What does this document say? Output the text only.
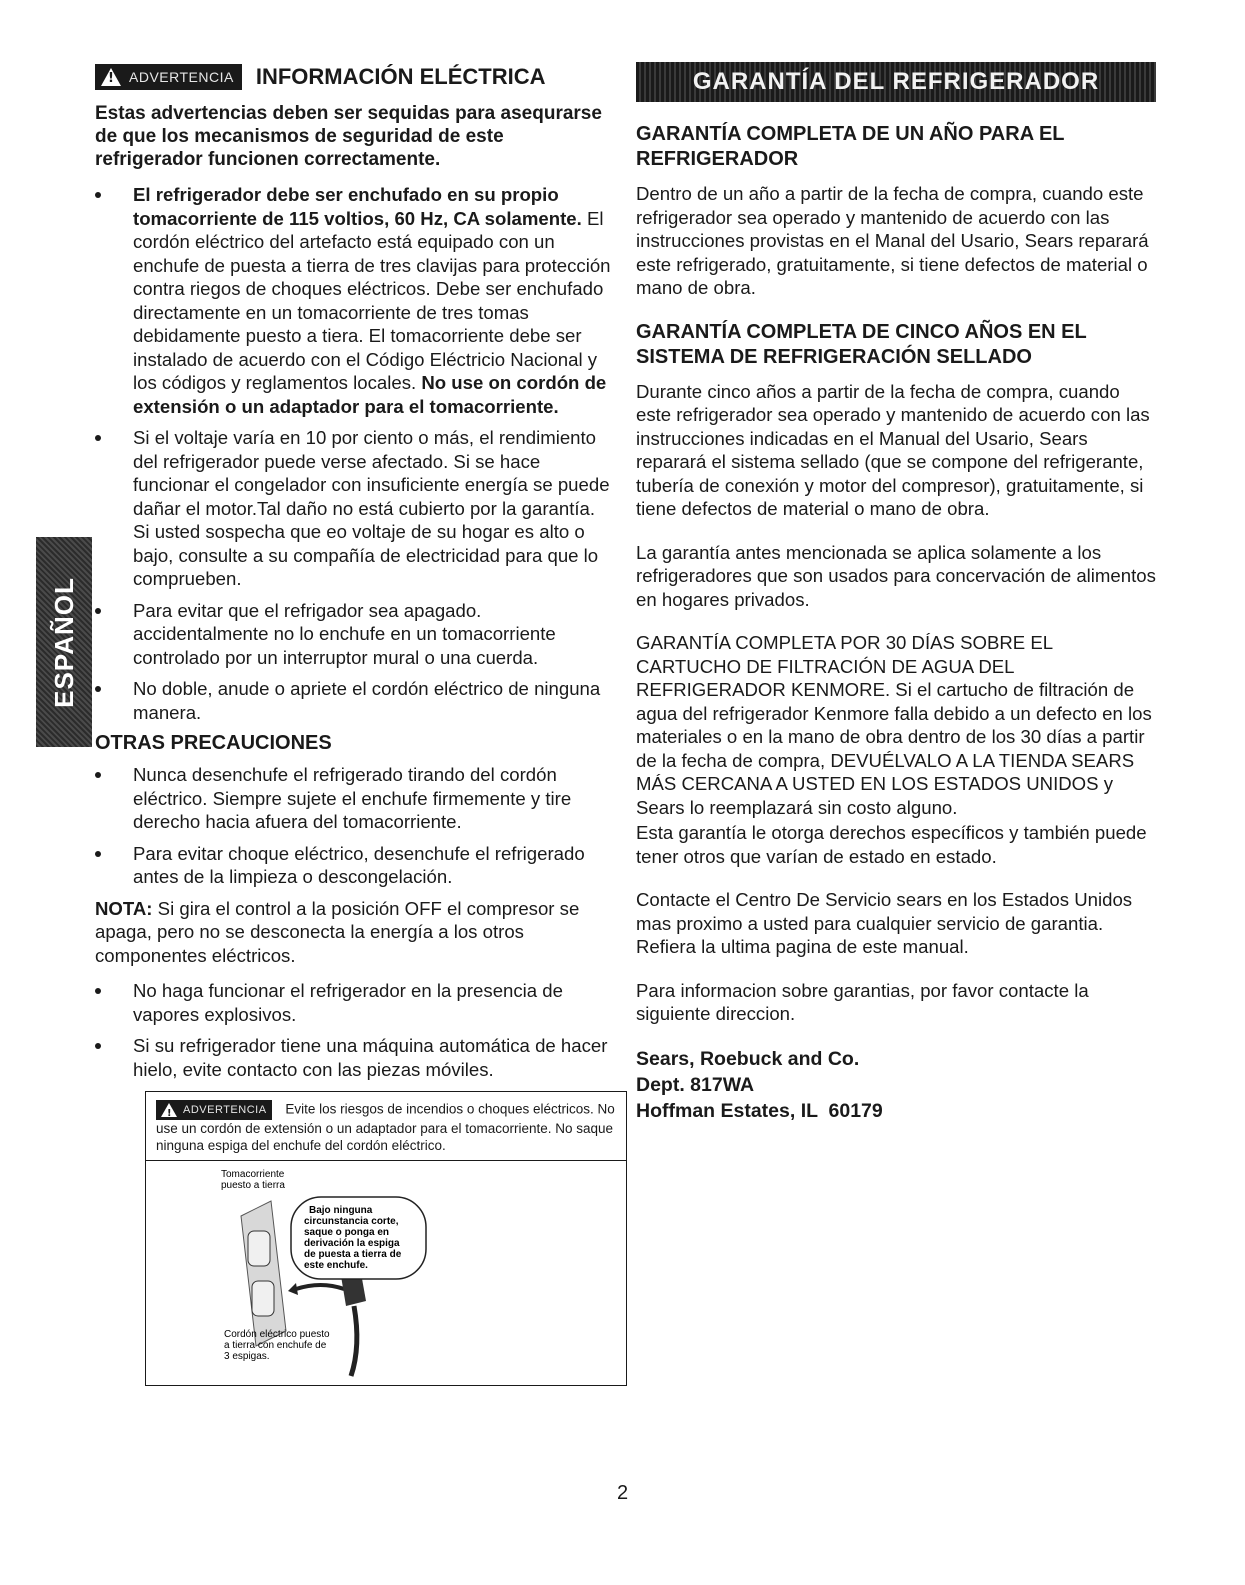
ESPAÑOL
!
ADVERTENCIA INFORMACIÓN ELÉCTRICA

Estas advertencias deben ser sequidas para asequrarse de que los mecanismos de seguridad de este refrigerador funcionen correctamente.

El refrigerador debe ser enchufado en su propio tomacorriente de 115 voltios, 60 Hz, CA solamente. El cordón eléctrico del artefacto está equipado con un enchufe de puesta a tierra de tres clavijas para protección contra riegos de choques eléctricos. Debe ser enchufado directamente en un tomacorriente de tres tomas debidamente puesto a tiera. El tomacorriente debe ser instalado de acuerdo con el Código Eléctricio Nacional y los códigos y reglamentos locales. No use on cordón de extensión o un adaptador para el tomacorriente.
Si el voltaje varía en 10 por ciento o más, el rendimiento del refrigerador puede verse afectado. Si se hace funcionar el congelador con insuficiente energía se puede dañar el motor.Tal daño no está cubierto por la garantía. Si usted sospecha que eo voltaje de su hogar es alto o bajo, consulte a su compañía de electricidad para que lo comprueben.
Para evitar que el refrigador sea apagado. accidentalmente no lo enchufe en un tomacorriente controlado por un interruptor mural o una cuerda.
No doble, anude o apriete el cordón eléctrico de ninguna manera.
OTRAS PRECAUCIONES
Nunca desenchufe el refrigerado tirando del cordón eléctrico. Siempre sujete el enchufe firmemente y tire derecho hacia afuera del tomacorriente.
Para evitar choque eléctrico, desenchufe el refrigerado antes de la limpieza o descongelación.

NOTA: Si gira el control a la posición OFF el compresor se apaga, pero no se desconecta la energía a los otros componentes eléctricos.

No haga funcionar el refrigerador en la presencia de vapores explosivos.
Si su refrigerador tiene una máquina automática de hacer hielo, evite contacto con las piezas móviles.
!
ADVERTENCIA Evite los riesgos de incendios o choques eléctricos. No use un cordón de extensión o un adaptador para el tomacorriente. No saque ninguna espiga del enchufe del cordón eléctrico.
Tomacorriente
puesto a tierra
Bajo ninguna
circunstancia corte,
saque o ponga en
derivación la espiga
de puesta a tierra de
este enchufe.
Cordón eléctrico puesto
a tierra con enchufe de
3 espigas.
GARANTÍA DEL REFRIGERADOR
GARANTÍA COMPLETA DE UN AÑO PARA EL REFRIGERADOR

Dentro de un año a partir de la fecha de compra, cuando este refrigerador sea operado y mantenido de acuerdo con las instrucciones provistas en el Manal del Usario, Sears reparará este refrigerado, gratuitamente, si tiene defectos de material o mano de obra.

GARANTÍA COMPLETA DE CINCO AÑOS EN EL SISTEMA DE REFRIGERACIÓN SELLADO

Durante cinco años a partir de la fecha de compra, cuando este refrigerador sea operado y mantenido de acuerdo con las instrucciones indicadas en el Manual del Usario, Sears reparará el sistema sellado (que se compone del refrigerante, tubería de conexión y motor del compresor), gratuitamente, si tiene defectos de material o mano de obra.

La garantía antes mencionada se aplica solamente a los refrigeradores que son usados para concervación de alimentos en hogares privados.

GARANTÍA COMPLETA POR 30 DÍAS SOBRE EL CARTUCHO DE FILTRACIÓN DE AGUA DEL REFRIGERADOR KENMORE. Si el cartucho de filtración de agua del refrigerador Kenmore falla debido a un defecto en los materiales o en la mano de obra dentro de los 30 días a partir de la fecha de compra, DEVUÉLVALO A LA TIENDA SEARS MÁS CERCANA A USTED EN LOS ESTADOS UNIDOS y Sears lo reemplazará sin costo alguno.

Esta garantía le otorga derechos específicos y también puede tener otros que varían de estado en estado.

Contacte el Centro De Servicio sears en los Estados Unidos mas proximo a usted para cualquier servicio de garantia. Refiera la ultima pagina de este manual.

Para informacion sobre garantias, por favor contacte la siguiente direccion.

Sears, Roebuck and Co.
Dept. 817WA
Hoffman Estates, IL  60179
2
